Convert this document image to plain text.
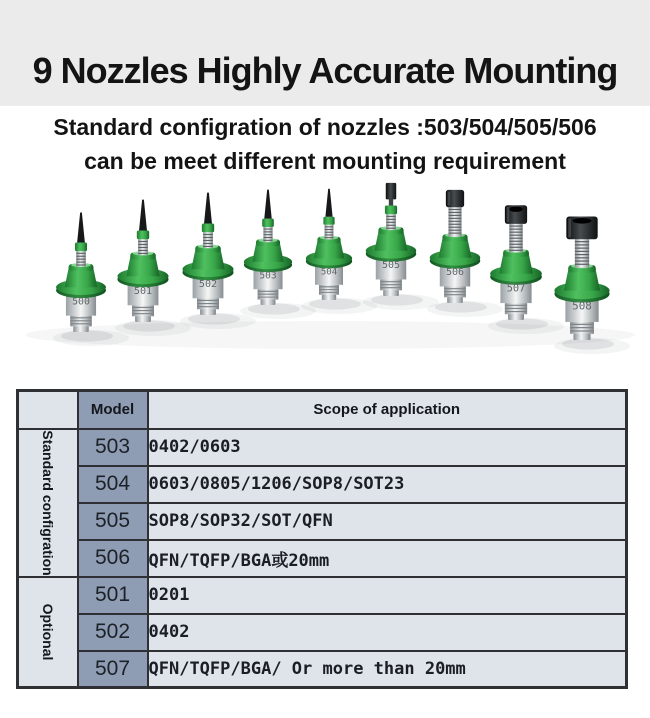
9 Nozzles Highly Accurate Mounting
Standard configration of nozzles :503/504/505/506
can be meet different mounting requirement
500
501
502
503	504
505
506
507
508
	Model	Scope of application

Standard configration	503	0402/0603
	504	0603/0805/1206/SOP8/SOT23
	505	SOP8/SOP32/SOT/QFN
	506	QFN/TQFP/BGA或20mm

Optional	501	0201
	502	0402
	507	QFN/TQFP/BGA/ Or more than 20mm
